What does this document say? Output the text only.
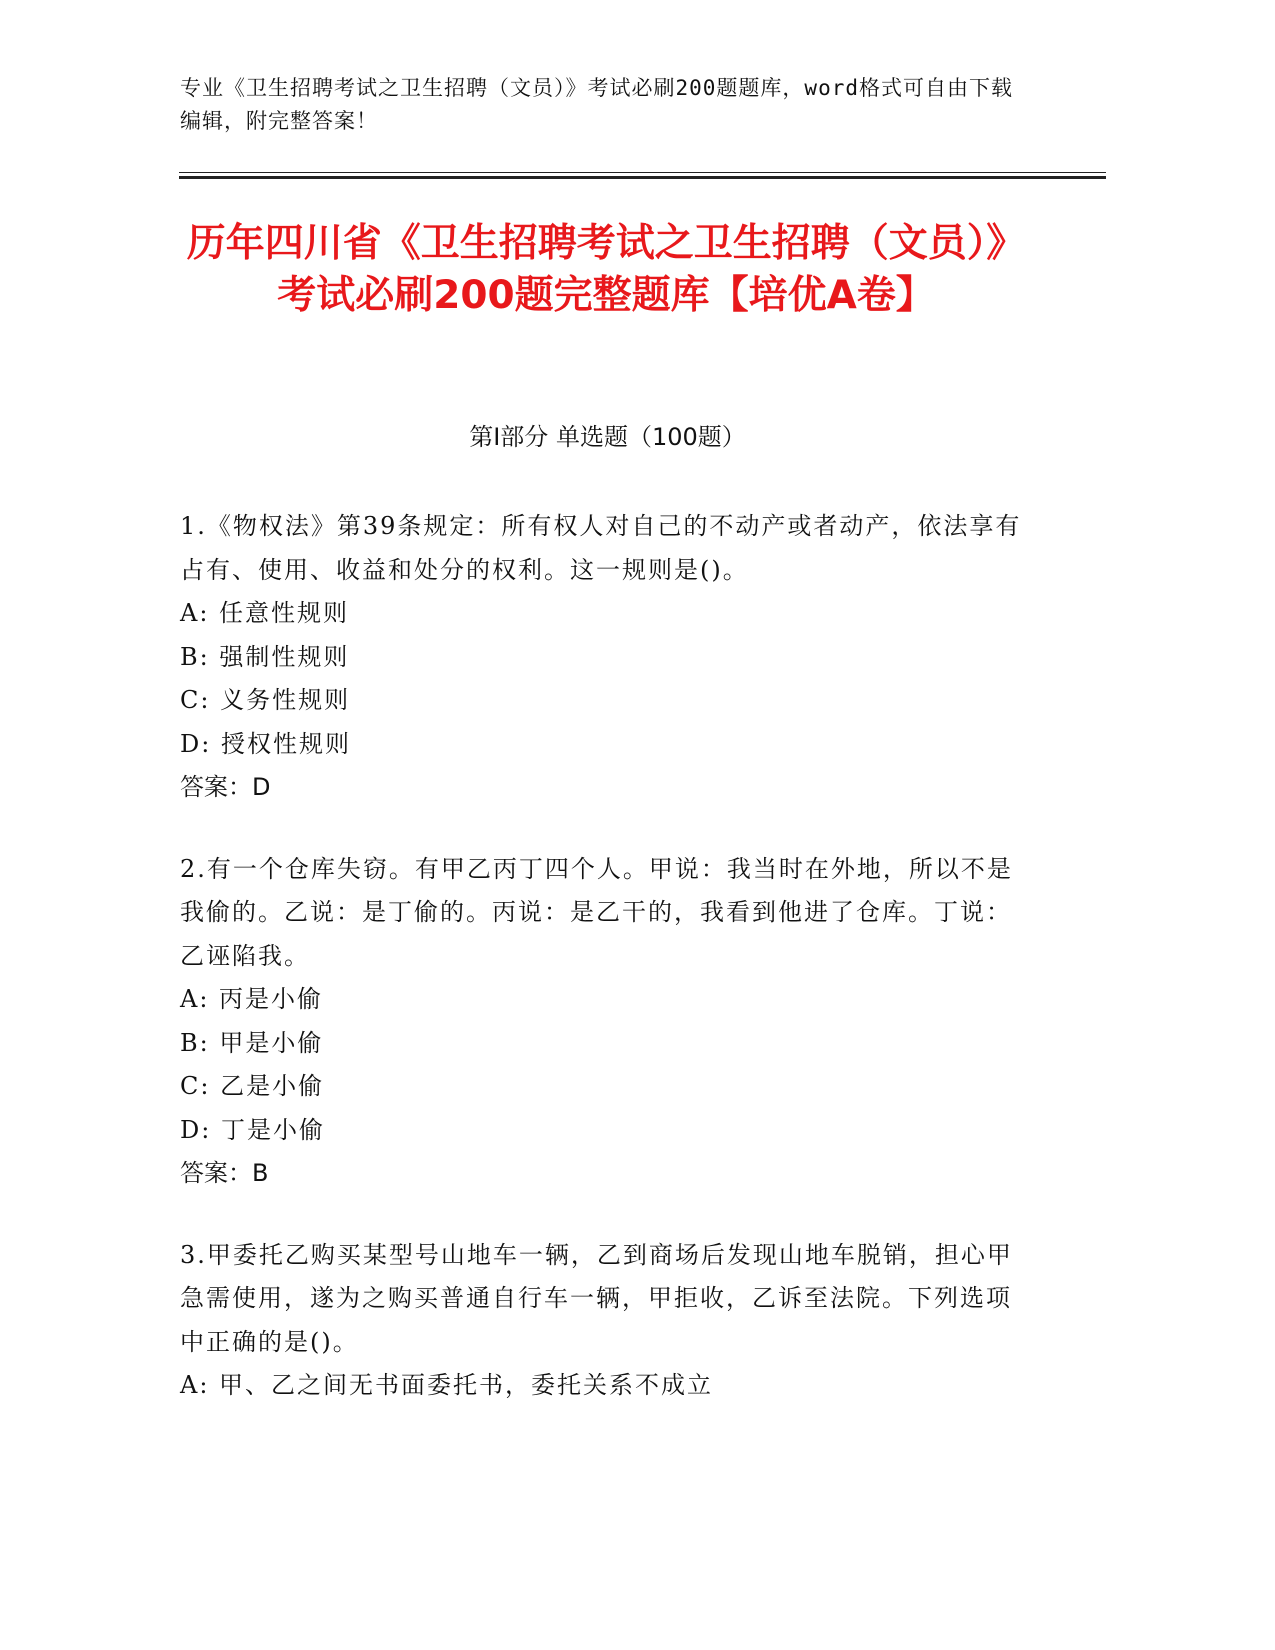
专业《卫生招聘考试之卫生招聘（文员）》考试必刷200题题库，word格式可自由下载编辑，附完整答案！
历年四川省《卫生招聘考试之卫生招聘（文员）》考试必刷200题完整题库【培优A卷】
第I部分 单选题（100题）
1.《物权法》第39条规定：所有权人对自己的不动产或者动产，依法享有占有、使用、收益和处分的权利。这一规则是()。
A: 任意性规则
B: 强制性规则
C: 义务性规则
D: 授权性规则
答案：D
2.有一个仓库失窃。有甲乙丙丁四个人。甲说：我当时在外地，所以不是我偷的。乙说：是丁偷的。丙说：是乙干的，我看到他进了仓库。丁说：乙诬陷我。
A: 丙是小偷
B: 甲是小偷
C: 乙是小偷
D: 丁是小偷
答案：B
3.甲委托乙购买某型号山地车一辆，乙到商场后发现山地车脱销，担心甲急需使用，遂为之购买普通自行车一辆，甲拒收，乙诉至法院。下列选项中正确的是()。
A: 甲、乙之间无书面委托书，委托关系不成立
